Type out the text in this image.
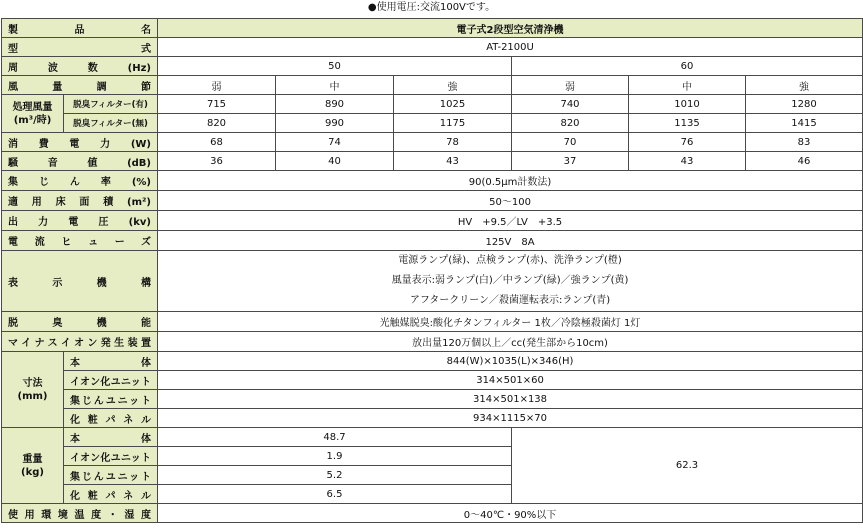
●使用電圧:交流100Vです。
製品名		電子式2段型空気清浄機					
型式		AT-2100U					
周波数(Hz)		50			60		
風量調節		弱	中	強	弱	中	強

処理風量
(m³/時)	脱臭フィルター(有)	715	890	1025	740	1010	1280
	脱臭フィルター(無)	820	990	1175	820	1135	1415
消費電力(W)		68	74	78	70	76	83
騒音値(dB)		36	40	43	37	43	46
集じん率(%)		90(0.5μm計数法)					
適用床面積(m²)		50〜100					
出力電圧(kv)		HV　+9.5／LV　+3.5					
電流ヒューズ		125V　8A					
表示機構		電源ランプ(緑)、点検ランプ(赤)、洗浄ランプ(橙)
風量表示:弱ランプ(白)／中ランプ(緑)／強ランプ(黄)
アフタークリーン／殺菌運転表示:ランプ(青)					

脱臭機能		光触媒脱臭:酸化チタンフィルター 1枚／冷陰極殺菌灯 1灯					
マイナスイオン発生装置		放出量120万個以上／cc(発生部から10cm)					

寸法
(mm)	本体	844(W)×1035(L)×346(H)					
	イオン化ユニット	314×501×60					
	集じんユニット	314×501×138					
	化粧パネル	934×1115×70					

重量
(kg)	本体	48.7			62.3		
	イオン化ユニット	1.9					
	集じんユニット	5.2					
	化粧パネル	6.5					
使用環境温度・湿度		0〜40℃・90%以下					
